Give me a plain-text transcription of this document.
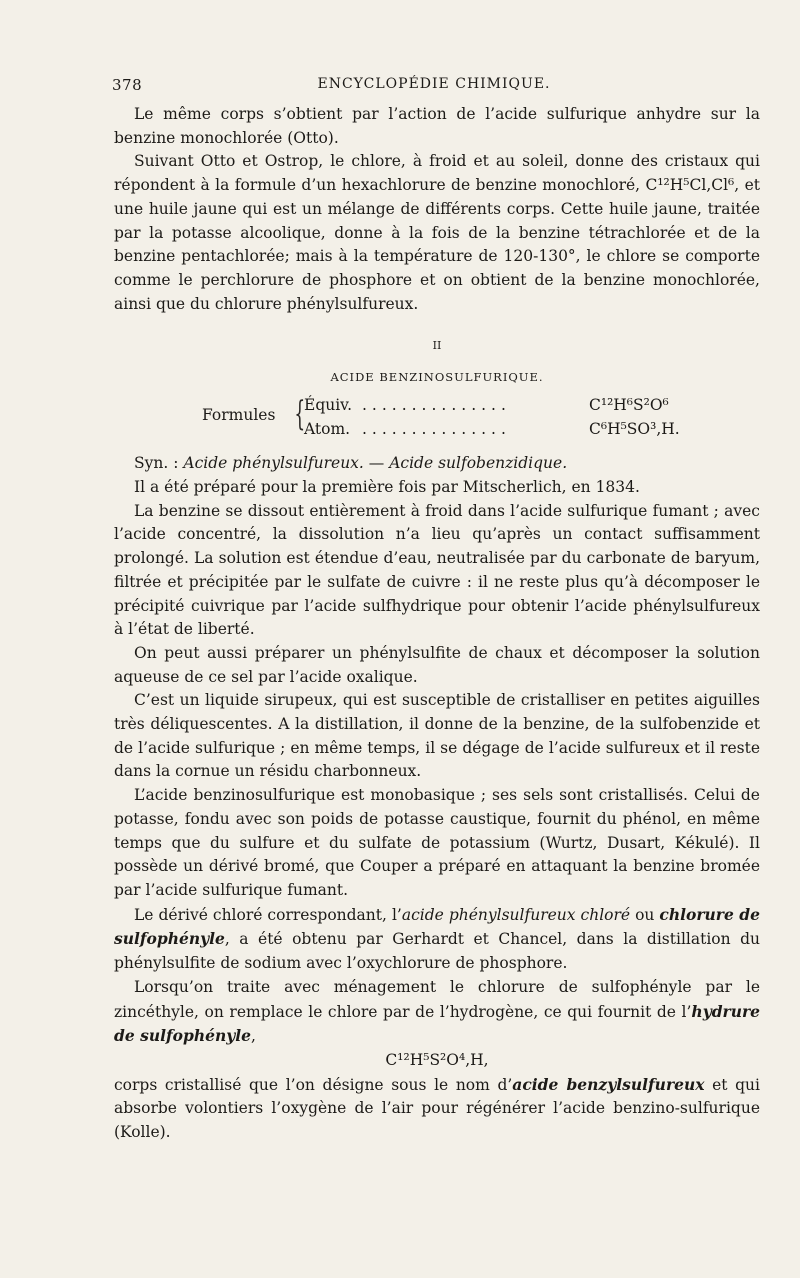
378	ENCYCLOPÉDIE CHIMIQUE.

Le même corps s’obtient par l’action de l’acide sulfurique anhydre sur la benzine monochlorée (Otto).

Suivant Otto et Ostrop, le chlore, à froid et au soleil, donne des cristaux qui répondent à la formule d’un hexachlorure de benzine monochloré, C¹²H⁵Cl,Cl⁶, et une huile jaune qui est un mélange de différents corps. Cette huile jaune, traitée par la potasse alcoolique, donne à la fois de la benzine tétrachlorée et de la benzine pentachlorée; mais à la température de 120-130°, le chlore se comporte comme le perchlorure de phosphore et on obtient de la benzine monochlorée, ainsi que du chlorure phénylsulfureux.

II
ACIDE BENZINOSULFURIQUE.
Formules {
Équiv. ...............	C¹²H⁶S²O⁶
Atom. ...............	C⁶H⁵SO³,H.

Syn. : Acide phénylsulfureux. — Acide sulfobenzidique.

Il a été préparé pour la première fois par Mitscherlich, en 1834.

La benzine se dissout entièrement à froid dans l’acide sulfurique fumant ; avec l’acide concentré, la dissolution n’a lieu qu’après un contact suffisamment prolongé. La solution est étendue d’eau, neutralisée par du carbonate de baryum, filtrée et précipitée par le sulfate de cuivre : il ne reste plus qu’à décomposer le précipité cuivrique par l’acide sulfhydrique pour obtenir l’acide phénylsulfureux à l’état de liberté.

On peut aussi préparer un phénylsulfite de chaux et décomposer la solution aqueuse de ce sel par l’acide oxalique.

C’est un liquide sirupeux, qui est susceptible de cristalliser en petites aiguilles très déliquescentes. A la distillation, il donne de la benzine, de la sulfobenzide et de l’acide sulfurique ; en même temps, il se dégage de l’acide sulfureux et il reste dans la cornue un résidu charbonneux.

L’acide benzinosulfurique est monobasique ; ses sels sont cristallisés. Celui de potasse, fondu avec son poids de potasse caustique, fournit du phénol, en même temps que du sulfure et du sulfate de potassium (Wurtz, Dusart, Kékulé). Il possède un dérivé bromé, que Couper a préparé en attaquant la benzine bromée par l’acide sulfurique fumant.

Le dérivé chloré correspondant, l’acide phénylsulfureux chloré ou chlorure de sulfophényle, a été obtenu par Gerhardt et Chancel, dans la distillation du phénylsulfite de sodium avec l’oxychlorure de phosphore.

Lorsqu’on traite avec ménagement le chlorure de sulfophényle par le zincéthyle, on remplace le chlore par de l’hydrogène, ce qui fournit de l’hydrure de sulfophényle,

C¹²H⁵S²O⁴,H,

corps cristallisé que l’on désigne sous le nom d’acide benzylsulfureux et qui absorbe volontiers l’oxygène de l’air pour régénérer l’acide benzino-sulfurique (Kolle).
